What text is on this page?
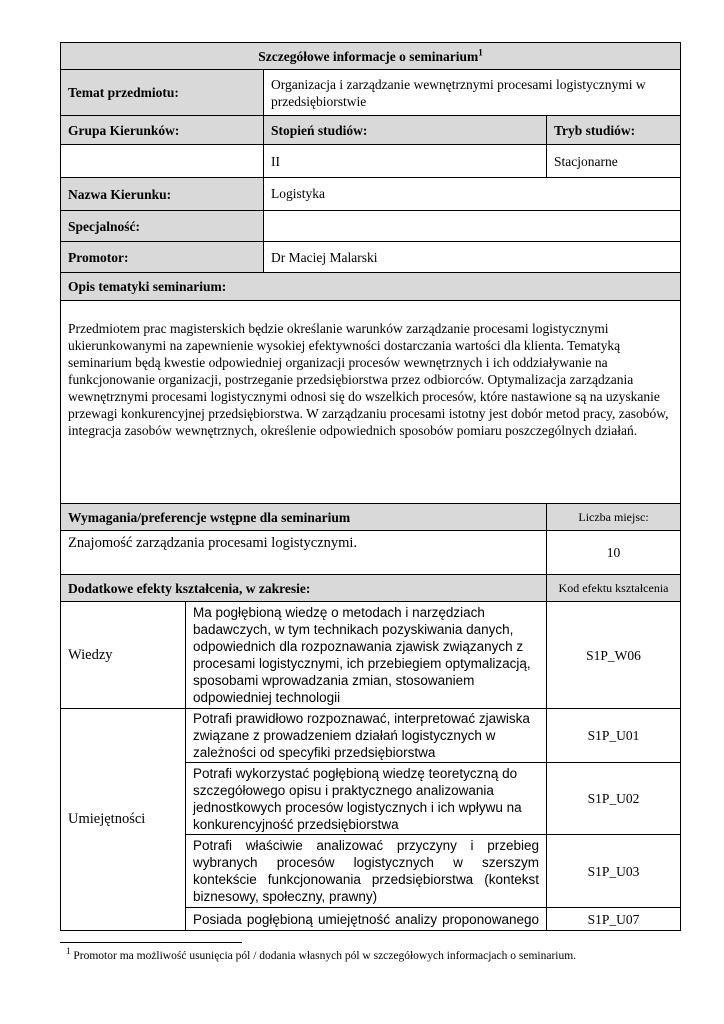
Szczegółowe informacje o seminarium$^1$
Temat przedmiotu:		Organizacja i zarządzanie wewnętrznymi procesami logistycznymi w przedsiębiorstwie	
Grupa Kierunków:		Stopień studiów:	Tryb studiów:
		II	Stacjonarne
Nazwa Kierunku:		Logistyka	
Specjalność:			
Promotor:		Dr Maciej Malarski	
Opis tematyki seminarium:			
Przedmiotem prac magisterskich będzie określanie warunków zarządzanie procesami logistycznymi ukierunkowanymi na zapewnienie wysokiej efektywności dostarczania wartości dla klienta. Tematyką seminarium będą kwestie odpowiedniej organizacji procesów wewnętrznych i ich oddziaływanie na funkcjonowanie organizacji, postrzeganie przedsiębiorstwa przez odbiorców. Optymalizacja zarządzania wewnętrznymi procesami logistycznymi odnosi się do wszelkich procesów, które nastawione są na uzyskanie przewagi konkurencyjnej przedsiębiorstwa. W zarządzaniu procesami istotny jest dobór metod pracy, zasobów, integracja zasobów wewnętrznych, określenie odpowiednich sposobów pomiaru poszczególnych działań.			
Wymagania/preferencje wstępne dla seminarium			Liczba miejsc:
Znajomość zarządzania procesami logistycznymi.			10
Dodatkowe efekty kształcenia, w zakresie:			Kod efektu kształcenia
Wiedzy	Ma pogłębioną wiedzę o metodach i narzędziach badawczych, w tym technikach pozyskiwania danych, odpowiednich dla rozpoznawania zjawisk związanych z procesami logistycznymi, ich przebiegiem optymalizacją, sposobami wprowadzania zmian, stosowaniem odpowiedniej technologii		S1P_W06
Umiejętności	Potrafi prawidłowo rozpoznawać, interpretować zjawiska związane z prowadzeniem działań logistycznych w zależności od specyfiki przedsiębiorstwa		S1P_U01
	Potrafi wykorzystać pogłębioną wiedzę teoretyczną do szczegółowego opisu i praktycznego analizowania jednostkowych procesów logistycznych i ich wpływu na konkurencyjność przedsiębiorstwa		S1P_U02
	Potrafi właściwie analizować przyczyny i przebieg wybranych procesów logistycznych w szerszym kontekście funkcjonowania przedsiębiorstwa (kontekst biznesowy, społeczny, prawny)		S1P_U03
	Posiada pogłębioną umiejętność analizy proponowanego		S1P_U07
$^1$ Promotor ma możliwość usunięcia pól / dodania własnych pól w szczegółowych informacjach o seminarium.
